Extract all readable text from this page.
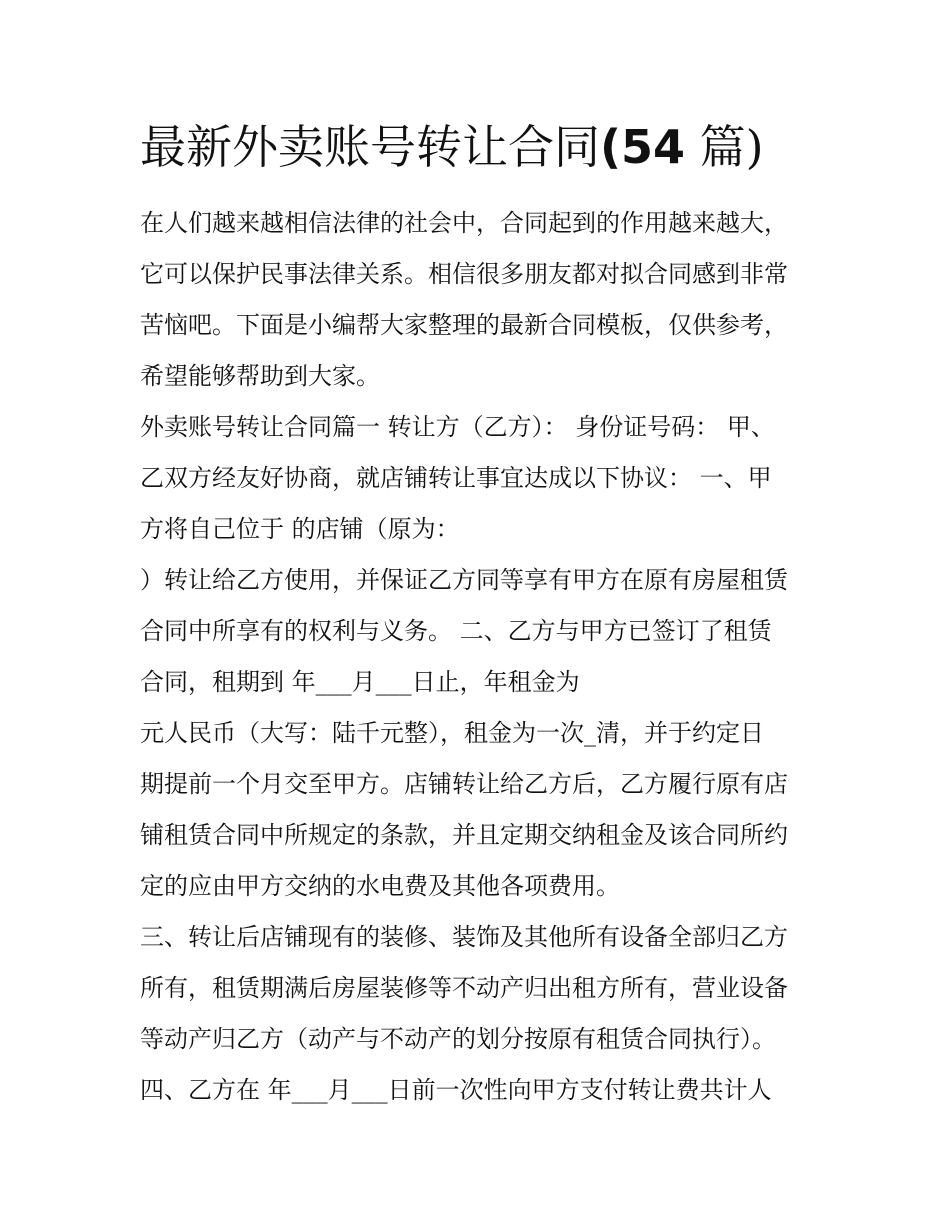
最新外卖账号转让合同(54 篇)
在人们越来越相信法律的社会中，合同起到的作用越来越大，
它可以保护民事法律关系。相信很多朋友都对拟合同感到非常
苦恼吧。下面是小编帮大家整理的最新合同模板，仅供参考，
希望能够帮助到大家。
外卖账号转让合同篇一 转让方（乙方）： 身份证号码： 甲、
乙双方经友好协商，就店铺转让事宜达成以下协议： 一、甲
方将自己位于 的店铺（原为：
）转让给乙方使用，并保证乙方同等享有甲方在原有房屋租赁
合同中所享有的权利与义务。 二、乙方与甲方已签订了租赁
合同，租期到 年___月___日止，年租金为
元人民币（大写：陆千元整），租金为一次_清，并于约定日
期提前一个月交至甲方。店铺转让给乙方后，乙方履行原有店
铺租赁合同中所规定的条款，并且定期交纳租金及该合同所约
定的应由甲方交纳的水电费及其他各项费用。
三、转让后店铺现有的装修、装饰及其他所有设备全部归乙方
所有，租赁期满后房屋装修等不动产归出租方所有，营业设备
等动产归乙方（动产与不动产的划分按原有租赁合同执行）。
四、乙方在 年___月___日前一次性向甲方支付转让费共计人
